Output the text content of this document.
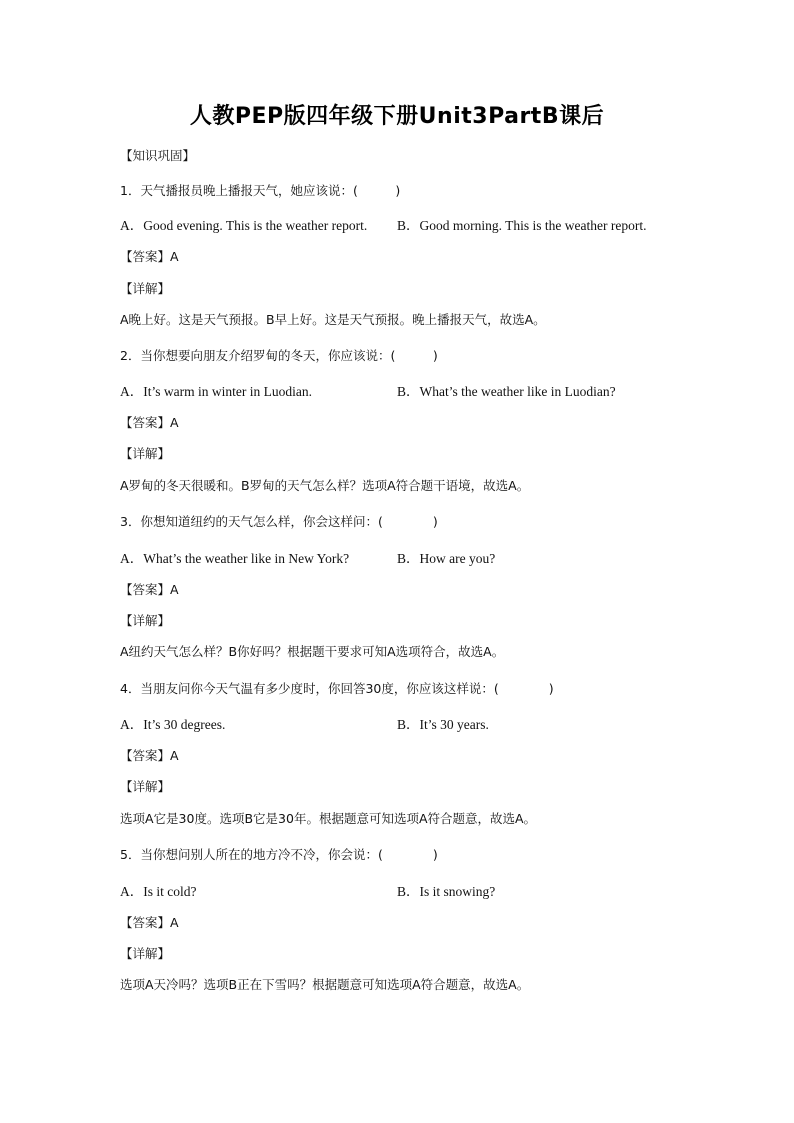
人教PEP版四年级下册Unit3PartB课后
【知识巩固】
1．天气播报员晚上播报天气，她应该说：(　　　)
A．Good evening. This is the weather report. B．Good morning. This is the weather report.
【答案】A
【详解】
A晚上好。这是天气预报。B早上好。这是天气预报。晚上播报天气，故选A。
2．当你想要向朋友介绍罗甸的冬天，你应该说：(　　　)
A．It’s warm in winter in Luodian.	B．What’s the weather like in Luodian?
【答案】A
【详解】
A罗甸的冬天很暖和。B罗甸的天气怎么样？选项A符合题干语境，故选A。
3．你想知道纽约的天气怎么样，你会这样问：(　　　　)
A．What’s the weather like in New York?	B．How are you?
【答案】A
【详解】
A纽约天气怎么样？B你好吗？根据题干要求可知A选项符合，故选A。
4．当朋友问你今天气温有多少度时，你回答30度，你应该这样说：(　　　　)
A．It’s 30 degrees.	B．It’s 30 years.
【答案】A
【详解】
选项A它是30度。选项B它是30年。根据题意可知选项A符合题意，故选A。
5．当你想问别人所在的地方冷不冷，你会说：(　　　　)
A．Is it cold?	B．Is it snowing?
【答案】A
【详解】
选项A天冷吗？选项B正在下雪吗？根据题意可知选项A符合题意，故选A。
